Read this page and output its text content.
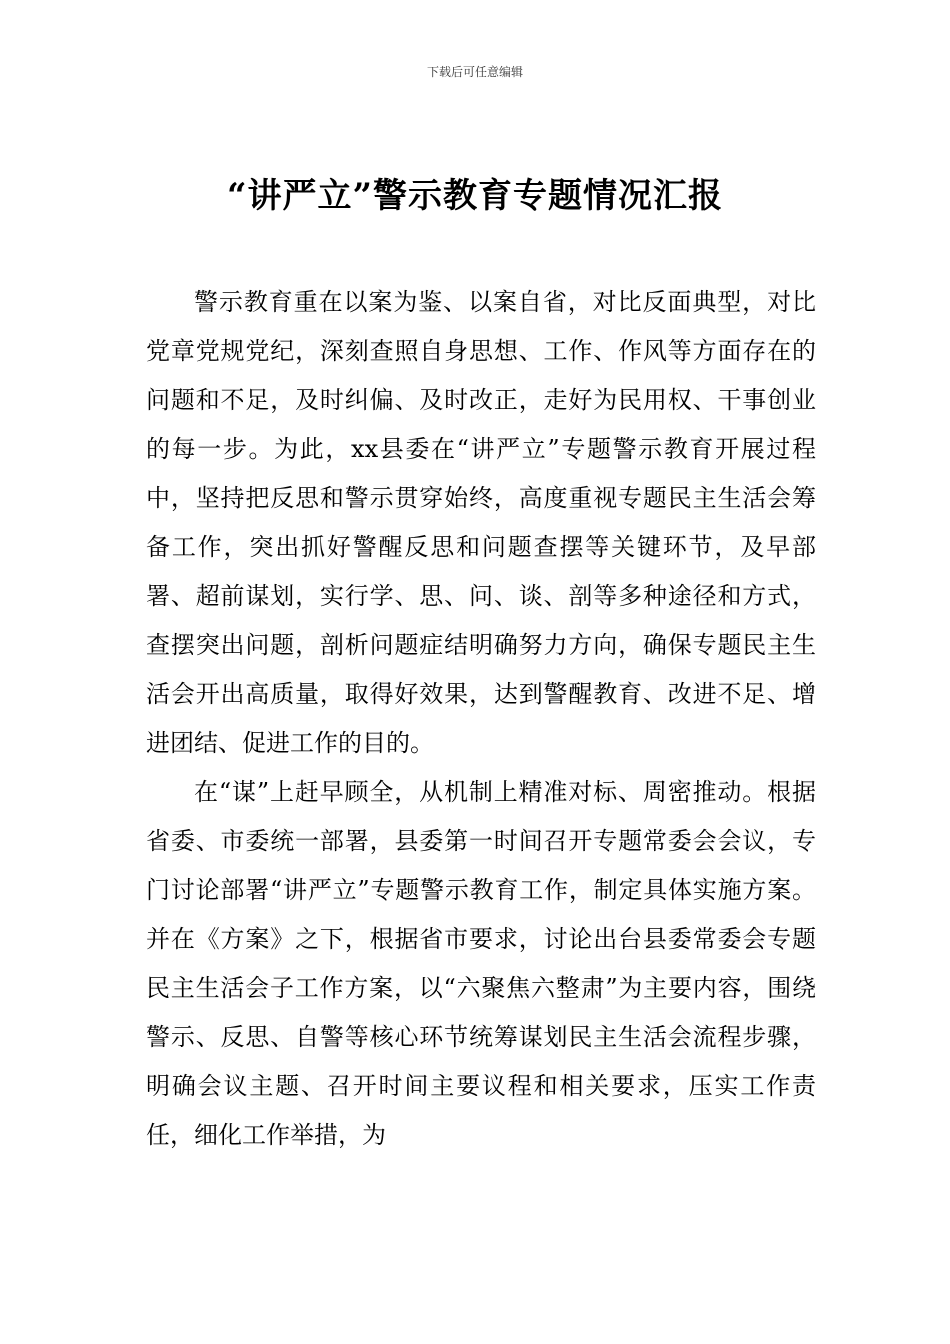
下载后可任意编辑
“讲严立”警示教育专题情况汇报

警示教育重在以案为鉴、以案自省，对比反面典型，对比党章党规党纪，深刻查照自身思想、工作、作风等方面存在的问题和不足，及时纠偏、及时改正，走好为民用权、干事创业的每一步。为此，xx县委在“讲严立”专题警示教育开展过程中，坚持把反思和警示贯穿始终，高度重视专题民主生活会筹备工作，突出抓好警醒反思和问题查摆等关键环节，及早部署、超前谋划，实行学、思、问、谈、剖等多种途径和方式，查摆突出问题，剖析问题症结明确努力方向，确保专题民主生活会开出高质量，取得好效果，达到警醒教育、改进不足、增进团结、促进工作的目的。

在“谋”上赶早顾全，从机制上精准对标、周密推动。根据省委、市委统一部署，县委第一时间召开专题常委会会议，专门讨论部署“讲严立”专题警示教育工作，制定具体实施方案。并在《方案》之下，根据省市要求，讨论出台县委常委会专题民主生活会子工作方案，以“六聚焦六整肃”为主要内容，围绕警示、反思、自警等核心环节统筹谋划民主生活会流程步骤，明确会议主题、召开时间主要议程和相关要求，压实工作责任，细化工作举措，为
